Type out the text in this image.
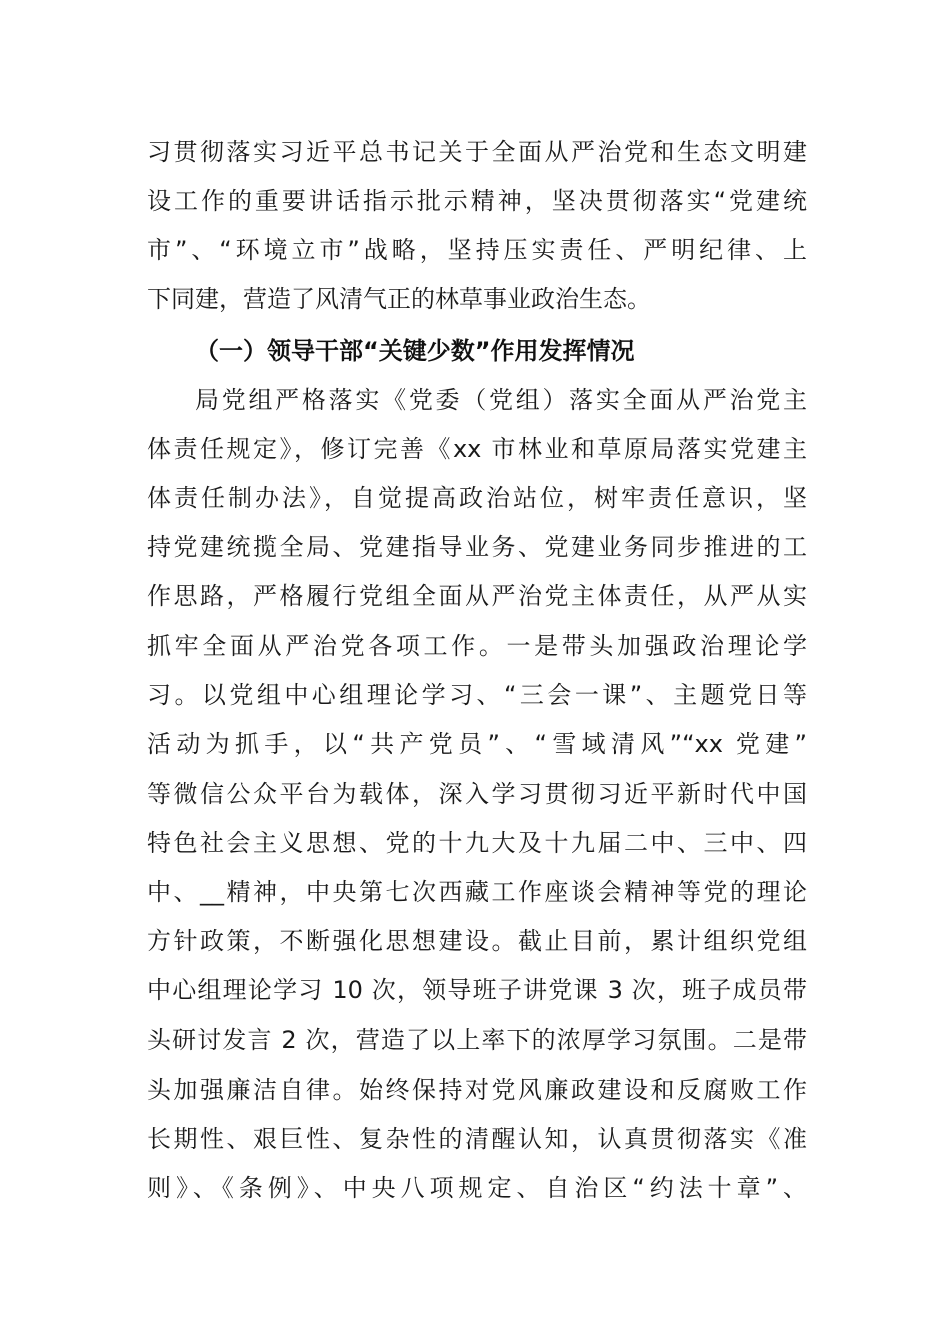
习贯彻落实习近平总书记关于全面从严治党和生态文明建
设工作的重要讲话指示批示精神，坚决贯彻落实“党建统
市”、“环境立市”战略，坚持压实责任、严明纪律、上
下同建，营造了风清气正的林草事业政治生态。
（一）领导干部“关键少数”作用发挥情况
局党组严格落实《党委（党组）落实全面从严治党主
体责任规定》，修订完善《xx 市林业和草原局落实党建主
体责任制办法》，自觉提高政治站位，树牢责任意识，坚
持党建统揽全局、党建指导业务、党建业务同步推进的工
作思路，严格履行党组全面从严治党主体责任，从严从实
抓牢全面从严治党各项工作。一是带头加强政治理论学
习。以党组中心组理论学习、“三会一课”、主题党日等
活动为抓手，以“共产党员”、“雪域清风”“xx 党建”
等微信公众平台为载体，深入学习贯彻习近平新时代中国
特色社会主义思想、党的十九大及十九届二中、三中、四
中、__精神，中央第七次西藏工作座谈会精神等党的理论
方针政策，不断强化思想建设。截止目前，累计组织党组
中心组理论学习 10 次，领导班子讲党课 3 次，班子成员带
头研讨发言 2 次，营造了以上率下的浓厚学习氛围。二是带
头加强廉洁自律。始终保持对党风廉政建设和反腐败工作
长期性、艰巨性、复杂性的清醒认知，认真贯彻落实《准
则》、《条例》、中央八项规定、自治区“约法十章”、
